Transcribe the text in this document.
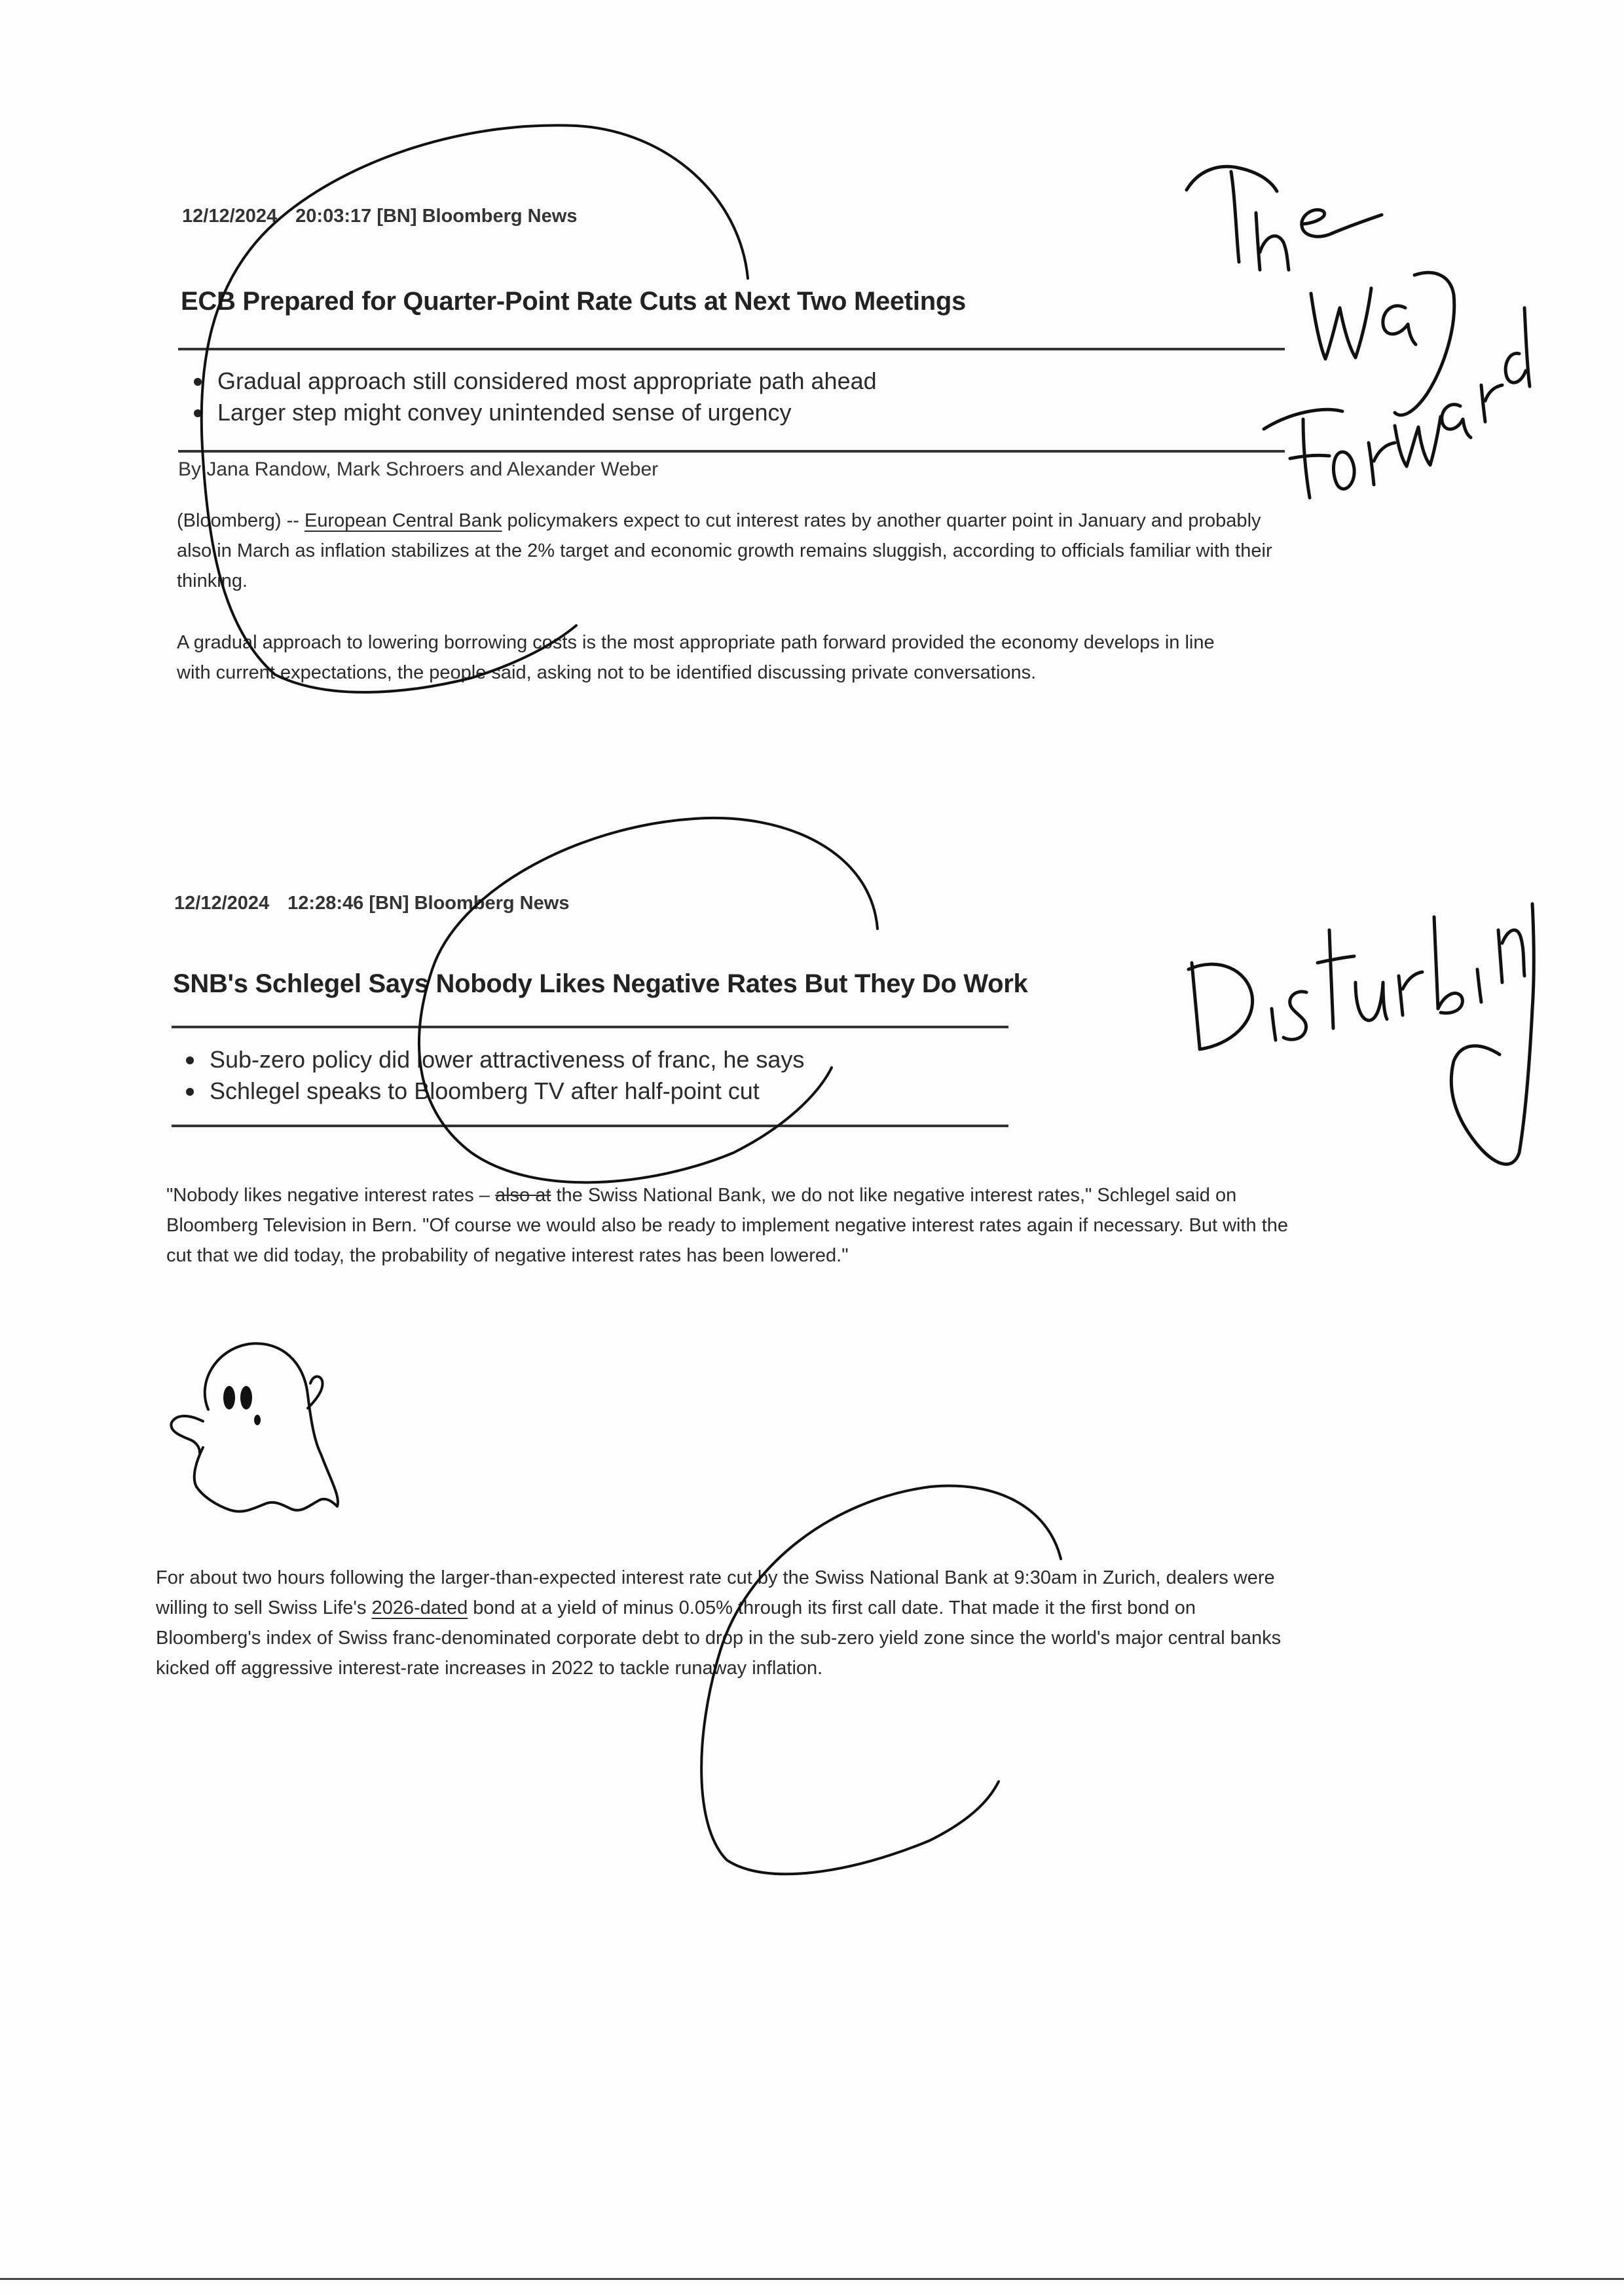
12/12/2024 20:03:17 [BN] Bloomberg News
ECB Prepared for Quarter-Point Rate Cuts at Next Two Meetings
Gradual approach still considered most appropriate path ahead
Larger step might convey unintended sense of urgency
By Jana Randow, Mark Schroers and Alexander Weber

(Bloomberg) -- European Central Bank policymakers expect to cut interest rates by another quarter point in January and probably also in March as inflation stabilizes at the 2% target and economic growth remains sluggish, according to officials familiar with their thinking.

A gradual approach to lowering borrowing costs is the most appropriate path forward provided the economy develops in line with current expectations, the people said, asking not to be identified discussing private conversations.

12/12/2024 12:28:46 [BN] Bloomberg News
SNB's Schlegel Says Nobody Likes Negative Rates But They Do Work
Sub-zero policy did lower attractiveness of franc, he says
Schlegel speaks to Bloomberg TV after half-point cut

"Nobody likes negative interest rates – also at the Swiss National Bank, we do not like negative interest rates," Schlegel said on Bloomberg Television in Bern. "Of course we would also be ready to implement negative interest rates again if necessary. But with the cut that we did today, the probability of negative interest rates has been lowered."

For about two hours following the larger-than-expected interest rate cut by the Swiss National Bank at 9:30am in Zurich, dealers were willing to sell Swiss Life's 2026-dated bond at a yield of minus 0.05% through its first call date. That made it the first bond on Bloomberg's index of Swiss franc-denominated corporate debt to drop in the sub-zero yield zone since the world's major central banks kicked off aggressive interest-rate increases in 2022 to tackle runaway inflation.
